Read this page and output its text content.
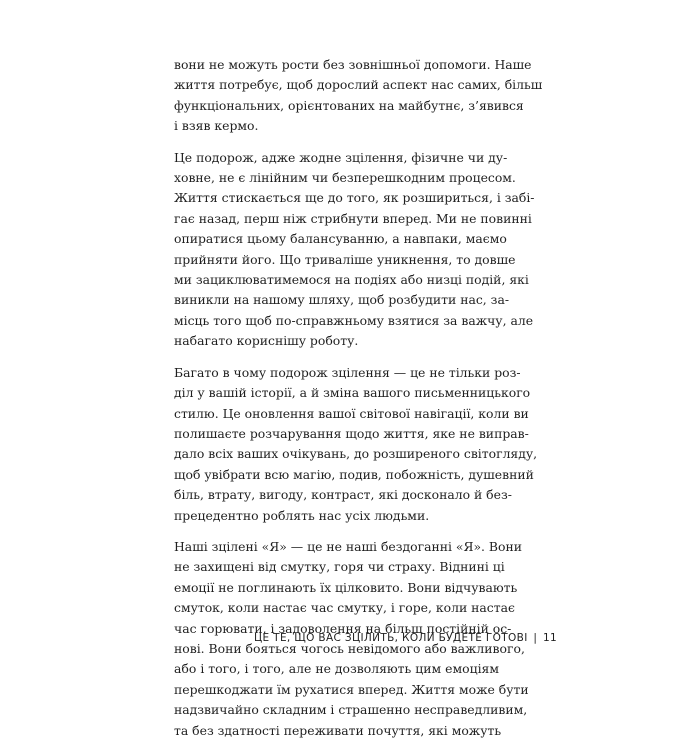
вони не можуть рости без зовнішньої допомоги. Наше
життя потребує, щоб дорослий аспект нас самих, більш
функціональних, орієнтованих на майбутнє, з’явився
і взяв кермо.

Це подорож, адже жодне зцілення, фізичне чи ду-
ховне, не є лінійним чи безперешкодним процесом.
Життя стискається ще до того, як розшириться, і забі-
гає назад, перш ніж стрибнути вперед. Ми не повинні
опиратися цьому балансуванню, а навпаки, маємо
прийняти його. Що триваліше уникнення, то довше
ми зациклюватимемося на подіях або низці подій, які
виникли на нашому шляху, щоб розбудити нас, за-
місць того щоб по-справжньому взятися за важчу, але
набагато кориснішу роботу.

Багато в чому подорож зцілення — це не тільки роз-
діл у вашій історії, а й зміна вашого письменницького
стилю. Це оновлення вашої світової навігації, коли ви
полишаєте розчарування щодо життя, яке не виправ-
дало всіх ваших очікувань, до розширеного світогляду,
щоб увібрати всю магію, подив, побожність, душевний
біль, втрату, вигоду, контраст, які досконало й без-
прецедентно роблять нас усіх людьми.

Наші зцілені «Я» — це не наші бездоганні «Я». Вони
не захищені від смутку, горя чи страху. Віднині ці
емоції не поглинають їх цілковито. Вони відчувають
смуток, коли настає час смутку, і горе, коли настає
час горювати, і задоволення на більш постійній ос-
нові. Вони бояться чогось невідомого або важливого,
або і того, і того, але не дозволяють цим емоціям
перешкоджати їм рухатися вперед. Життя може бути
надзвичайно складним і страшенно несправедливим,
та без здатності переживати почуття, які можуть

ЦЕ ТЕ, ЩО ВАС ЗЦІЛИТЬ, КОЛИ БУДЕТЕ ГОТОВІ | 11
